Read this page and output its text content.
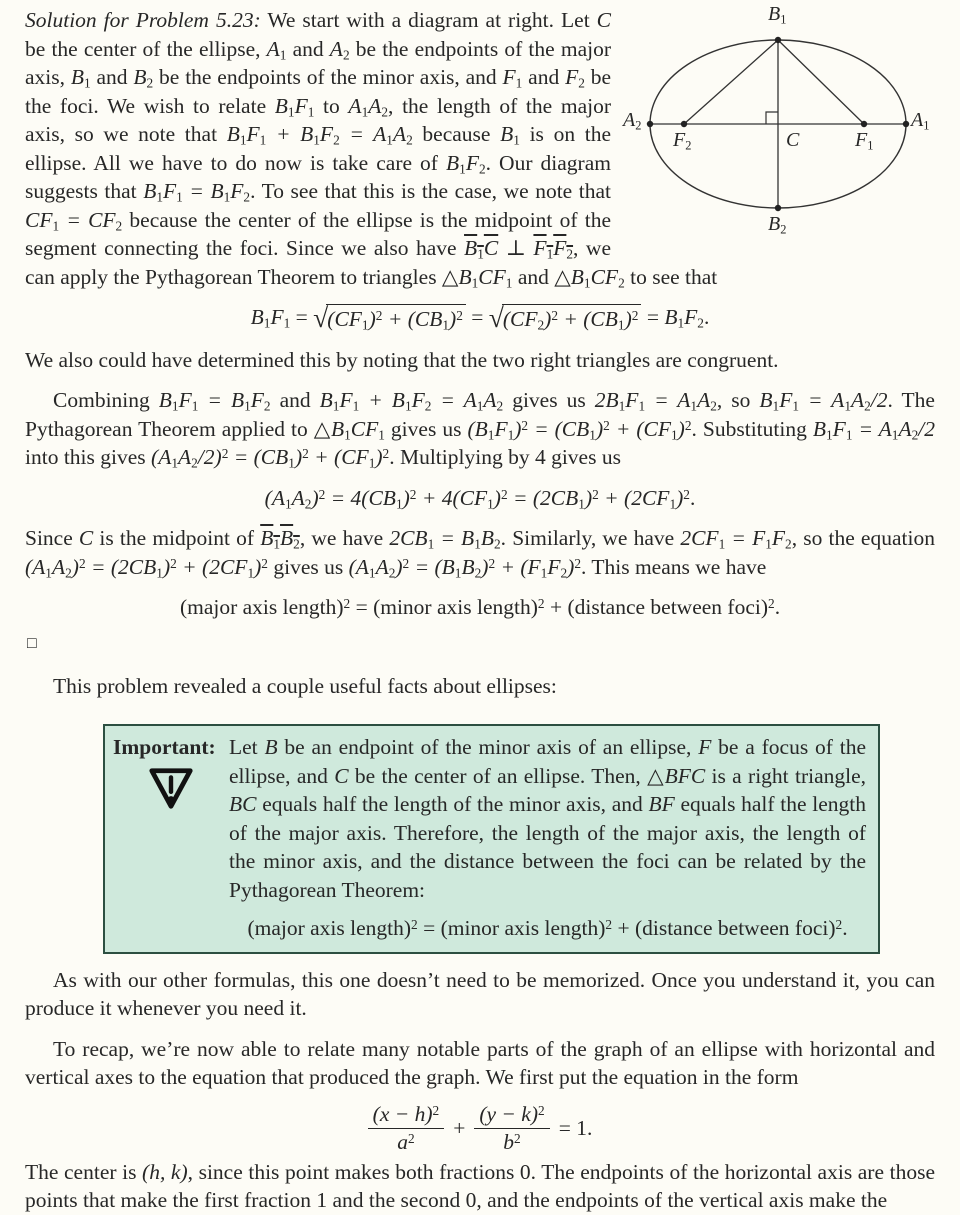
$B_1$
$B_2$
$A_2$	$A_1$
$F_2$	C	$F_1$

Solution for Problem 5.23: We start with a diagram at right. Let C be the center of the ellipse, $A_1$ and $A_2$ be the endpoints of the major axis, $B_1$ and $B_2$ be the endpoints of the minor axis, and $F_1$ and $F_2$ be the foci. We wish to relate $B_1F_1$ to $A_1A_2$, the length of the major axis, so we note that $B_1F_1 + B_1F_2 = A_1A_2$ because $B_1$ is on the ellipse. All we have to do now is take care of $B_1F_2$. Our diagram suggests that $B_1F_1 = B_1F_2$. To see that this is the case, we note that $CF_1 = CF_2$ because the center of the ellipse is the midpoint of the segment connecting the foci. Since we also have $B_1C$ ⊥ $F_1F_2$, we can apply the Pythagorean Theorem to triangles $\triangle B_1CF_1$ and $\triangle B_1CF_2$ to see that

$B_1F_1$ = √ $(CF_1)^2 + (CB_1)^2$ = √ $(CF_2)^2 + (CB_1)^2 = B_1F_2$.

We also could have determined this by noting that the two right triangles are congruent.

Combining $B_1F_1 = B_1F_2$ and $B_1F_1 + B_1F_2 = A_1A_2$ gives us $2B_1F_1 = A_1A_2$, so $B_1F_1 = A_1A_2/2$. The Pythagorean Theorem applied to $\triangle B_1CF_1$ gives us $(B_1F_1)^2 = (CB_1)^2 + (CF_1)^2$. Substituting $B_1F_1 = A_1A_2/2$ into this gives $(A_1A_2/2)^2 = (CB_1)^2 + (CF_1)^2$. Multiplying by 4 gives us

$(A_1A_2)^2 = 4(CB_1)^2 + 4(CF_1)^2 = (2CB_1)^2 + (2CF_1)^2$.

Since C is the midpoint of $B_1B_2$, we have $2CB_1 = B_1B_2$. Similarly, we have $2CF_1 = F_1F_2$, so the equation $(A_1A_2)^2 = (2CB_1)^2 + (2CF_1)^2$ gives us $(A_1A_2)^2 = (B_1B_2)^2 + (F_1F_2)^2$. This means we have

(major axis length)$^2$ = (minor axis length)$^2$ + (distance between foci)$^2$.
□

This problem revealed a couple useful facts about ellipses:

Important: Let B be an endpoint of the minor axis of an ellipse, F be a focus of the ellipse, and C be the center of an ellipse. Then, △BFC is a right triangle, BC equals half the length of the minor axis, and BF equals half the length of the major axis. Therefore, the length of the major axis, the length of the minor axis, and the distance between the foci can be related by the Pythagorean Theorem:

(major axis length)$^2$ = (minor axis length)$^2$ + (distance between foci)$^2$.

As with our other formulas, this one doesn’t need to be memorized. Once you understand it, you can produce it whenever you need it.

To recap, we’re now able to relate many notable parts of the graph of an ellipse with horizontal and vertical axes to the equation that produced the graph. We first put the equation in the form

$\frac{(x - h)^2}{a^2} + \frac{(y - k)^2}{b^2} = 1$.

The center is (h, k), since this point makes both fractions 0. The endpoints of the horizontal axis are those points that make the first fraction 1 and the second 0, and the endpoints of the vertical axis make the
